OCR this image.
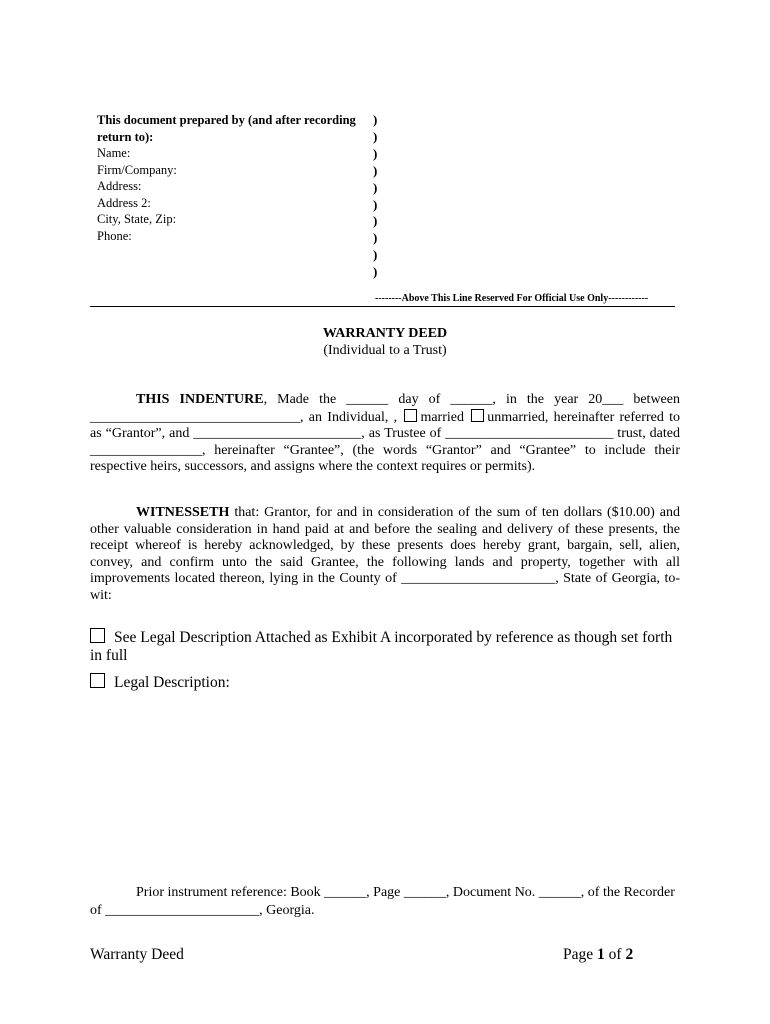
This document prepared by (and after recording return to):
Name:
Firm/Company:
Address:
Address 2:
City, State, Zip:
Phone:
)
)
)
)
)
)
)
)
)
)
--------Above This Line Reserved For Official Use Only------------
WARRANTY DEED
(Individual to a Trust)
THIS INDENTURE, Made the ______ day of ______, in the year 20___ between ______________________________, an Individual, , married unmarried, hereinafter referred to as “Grantor”, and ________________________, as Trustee of ________________________ trust, dated ________________, hereinafter “Grantee”, (the words “Grantor” and “Grantee” to include their respective heirs, successors, and assigns where the context requires or permits).
WITNESSETH that: Grantor, for and in consideration of the sum of ten dollars ($10.00) and other valuable consideration in hand paid at and before the sealing and delivery of these presents, the receipt whereof is hereby acknowledged, by these presents does hereby grant, bargain, sell, alien, convey, and confirm unto the said Grantee, the following lands and property, together with all improvements located thereon, lying in the County of ______________________, State of Georgia, to-wit:
See Legal Description Attached as Exhibit A incorporated by reference as though set forth in full
Legal Description:
Prior instrument reference: Book ______, Page ______, Document No. ______, of the Recorder of ______________________, Georgia.
Warranty Deed	Page 1 of 2
